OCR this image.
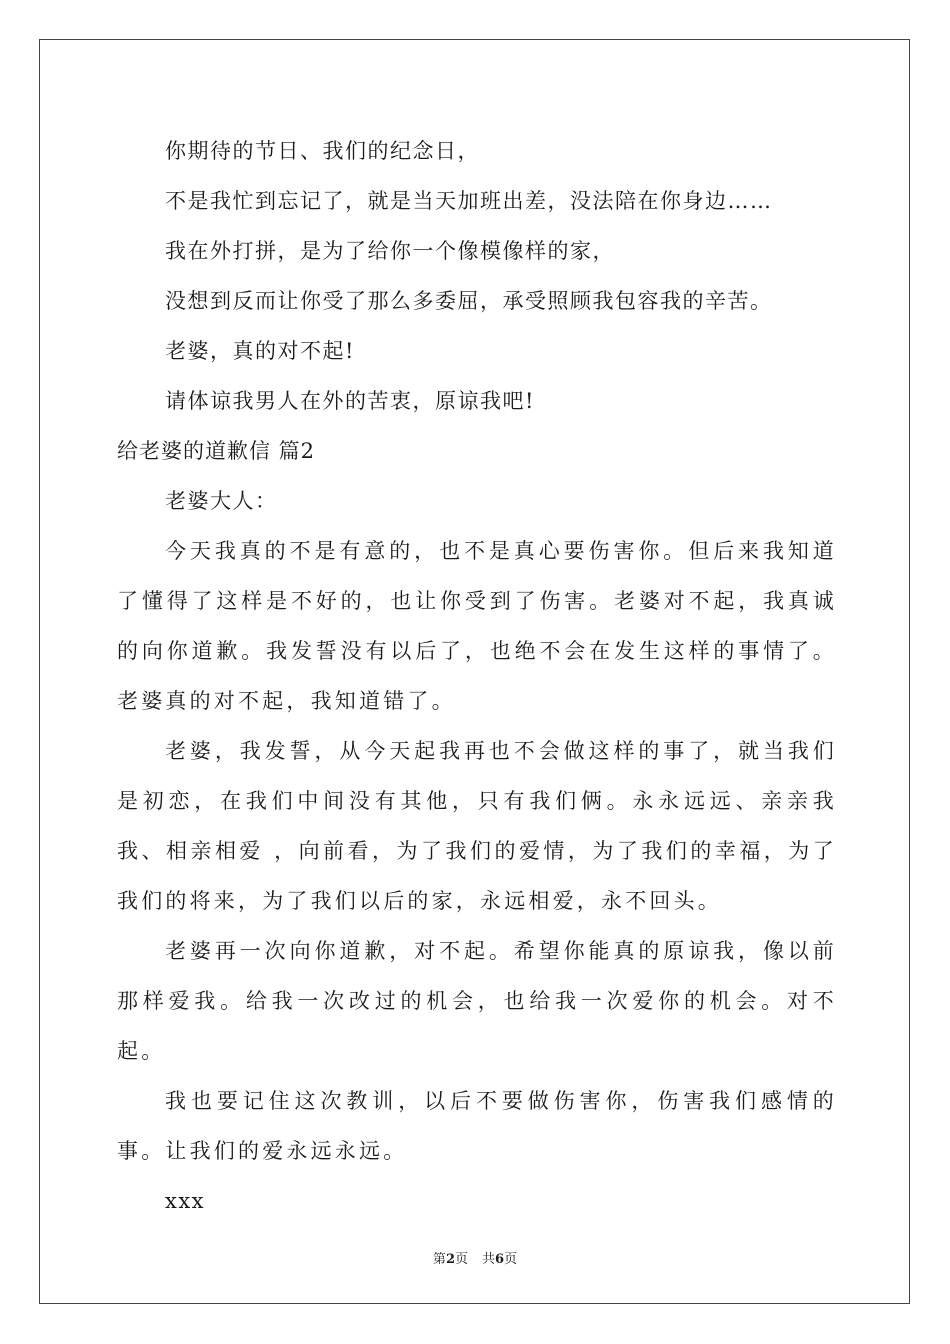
你期待的节日、我们的纪念日，
不是我忙到忘记了，就是当天加班出差，没法陪在你身边……
我在外打拼，是为了给你一个像模像样的家，
没想到反而让你受了那么多委屈，承受照顾我包容我的辛苦。
老婆，真的对不起!
请体谅我男人在外的苦衷，原谅我吧!
给老婆的道歉信 篇2
老婆大人：

今天我真的不是有意的，也不是真心要伤害你。但后来我知道了懂得了这样是不好的，也让你受到了伤害。老婆对不起，我真诚的向你道歉。我发誓没有以后了，也绝不会在发生这样的事情了。老婆真的对不起，我知道错了。

老婆，我发誓，从今天起我再也不会做这样的事了，就当我们是初恋，在我们中间没有其他，只有我们俩。永永远远、亲亲我我、相亲相爱 ，向前看，为了我们的爱情，为了我们的幸福，为了我们的将来，为了我们以后的家，永远相爱，永不回头。

老婆再一次向你道歉，对不起。希望你能真的原谅我，像以前那样爱我。给我一次改过的机会，也给我一次爱你的机会。对不起。

我也要记住这次教训，以后不要做伤害你，伤害我们感情的事。让我们的爱永远永远。

xxx
第2页 共6页
